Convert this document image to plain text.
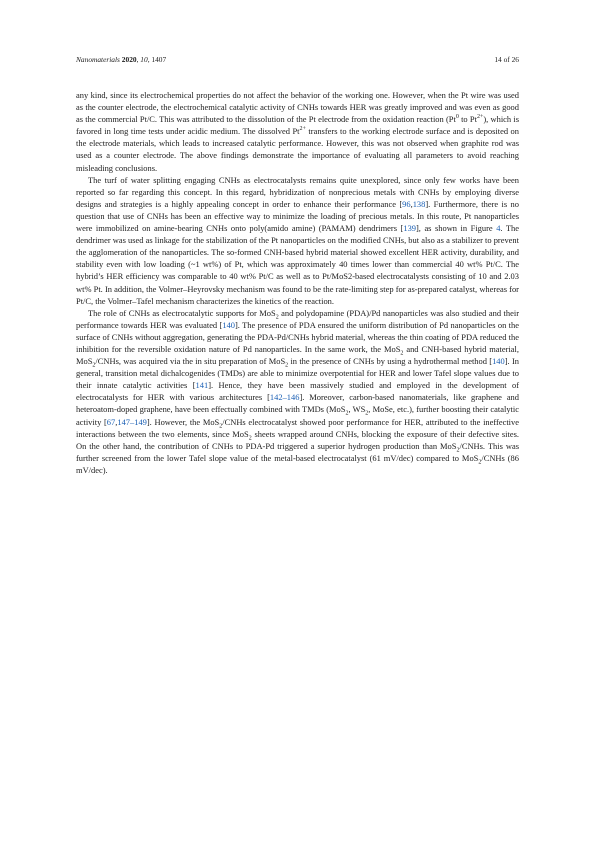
Nanomaterials 2020, 10, 1407	14 of 26

any kind, since its electrochemical properties do not affect the behavior of the working one. However, when the Pt wire was used as the counter electrode, the electrochemical catalytic activity of CNHs towards HER was greatly improved and was even as good as the commercial Pt/C. This was attributed to the dissolution of the Pt electrode from the oxidation reaction (Pt$^0$ to $Pt^{2+}$), which is favored in long time tests under acidic medium. The dissolved $Pt^{2+}$ transfers to the working electrode surface and is deposited on the electrode materials, which leads to increased catalytic performance. However, this was not observed when graphite rod was used as a counter electrode. The above findings demonstrate the importance of evaluating all parameters to avoid reaching misleading conclusions.

The turf of water splitting engaging CNHs as electrocatalysts remains quite unexplored, since only few works have been reported so far regarding this concept. In this regard, hybridization of nonprecious metals with CNHs by employing diverse designs and strategies is a highly appealing concept in order to enhance their performance [96,138]. Furthermore, there is no question that use of CNHs has been an effective way to minimize the loading of precious metals. In this route, Pt nanoparticles were immobilized on amine-bearing CNHs onto poly(amido amine) (PAMAM) dendrimers [139], as shown in Figure 4. The dendrimer was used as linkage for the stabilization of the Pt nanoparticles on the modified CNHs, but also as a stabilizer to prevent the agglomeration of the nanoparticles. The so-formed CNH-based hybrid material showed excellent HER activity, durability, and stability even with low loading (~1 wt%) of Pt, which was approximately 40 times lower than commercial 40 wt% Pt/C. The hybrid’s HER efficiency was comparable to 40 wt% Pt/C as well as to Pt/MoS2-based electrocatalysts consisting of 10 and 2.03 wt% Pt. In addition, the Volmer–Heyrovsky mechanism was found to be the rate-limiting step for as-prepared catalyst, whereas for Pt/C, the Volmer–Tafel mechanism characterizes the kinetics of the reaction.

The role of CNHs as electrocatalytic supports for MoS$_2$ and polydopamine (PDA)/Pd nanoparticles was also studied and their performance towards HER was evaluated [140]. The presence of PDA ensured the uniform distribution of Pd nanoparticles on the surface of CNHs without aggregation, generating the PDA-Pd/CNHs hybrid material, whereas the thin coating of PDA reduced the inhibition for the reversible oxidation nature of Pd nanoparticles. In the same work, the MoS$_2$ and CNH-based hybrid material, MoS$_2$/CNHs, was acquired via the in situ preparation of MoS$_2$ in the presence of CNHs by using a hydrothermal method [140]. In general, transition metal dichalcogenides (TMDs) are able to minimize overpotential for HER and lower Tafel slope values due to their innate catalytic activities [141]. Hence, they have been massively studied and employed in the development of electrocatalysts for HER with various architectures [142–146]. Moreover, carbon-based nanomaterials, like graphene and heteroatom-doped graphene, have been effectually combined with TMDs (MoS$_2$, $WS_2$, MoSe, etc.), further boosting their catalytic activity [67,147–149]. However, the MoS$_2$/CNHs electrocatalyst showed poor performance for HER, attributed to the ineffective interactions between the two elements, since MoS$_2$ sheets wrapped around CNHs, blocking the exposure of their defective sites. On the other hand, the contribution of CNHs to PDA-Pd triggered a superior hydrogen production than MoS$_2$/CNHs. This was further screened from the lower Tafel slope value of the metal-based electrocatalyst (61 mV/dec) compared to MoS$_2$/CNHs (86 mV/dec).
